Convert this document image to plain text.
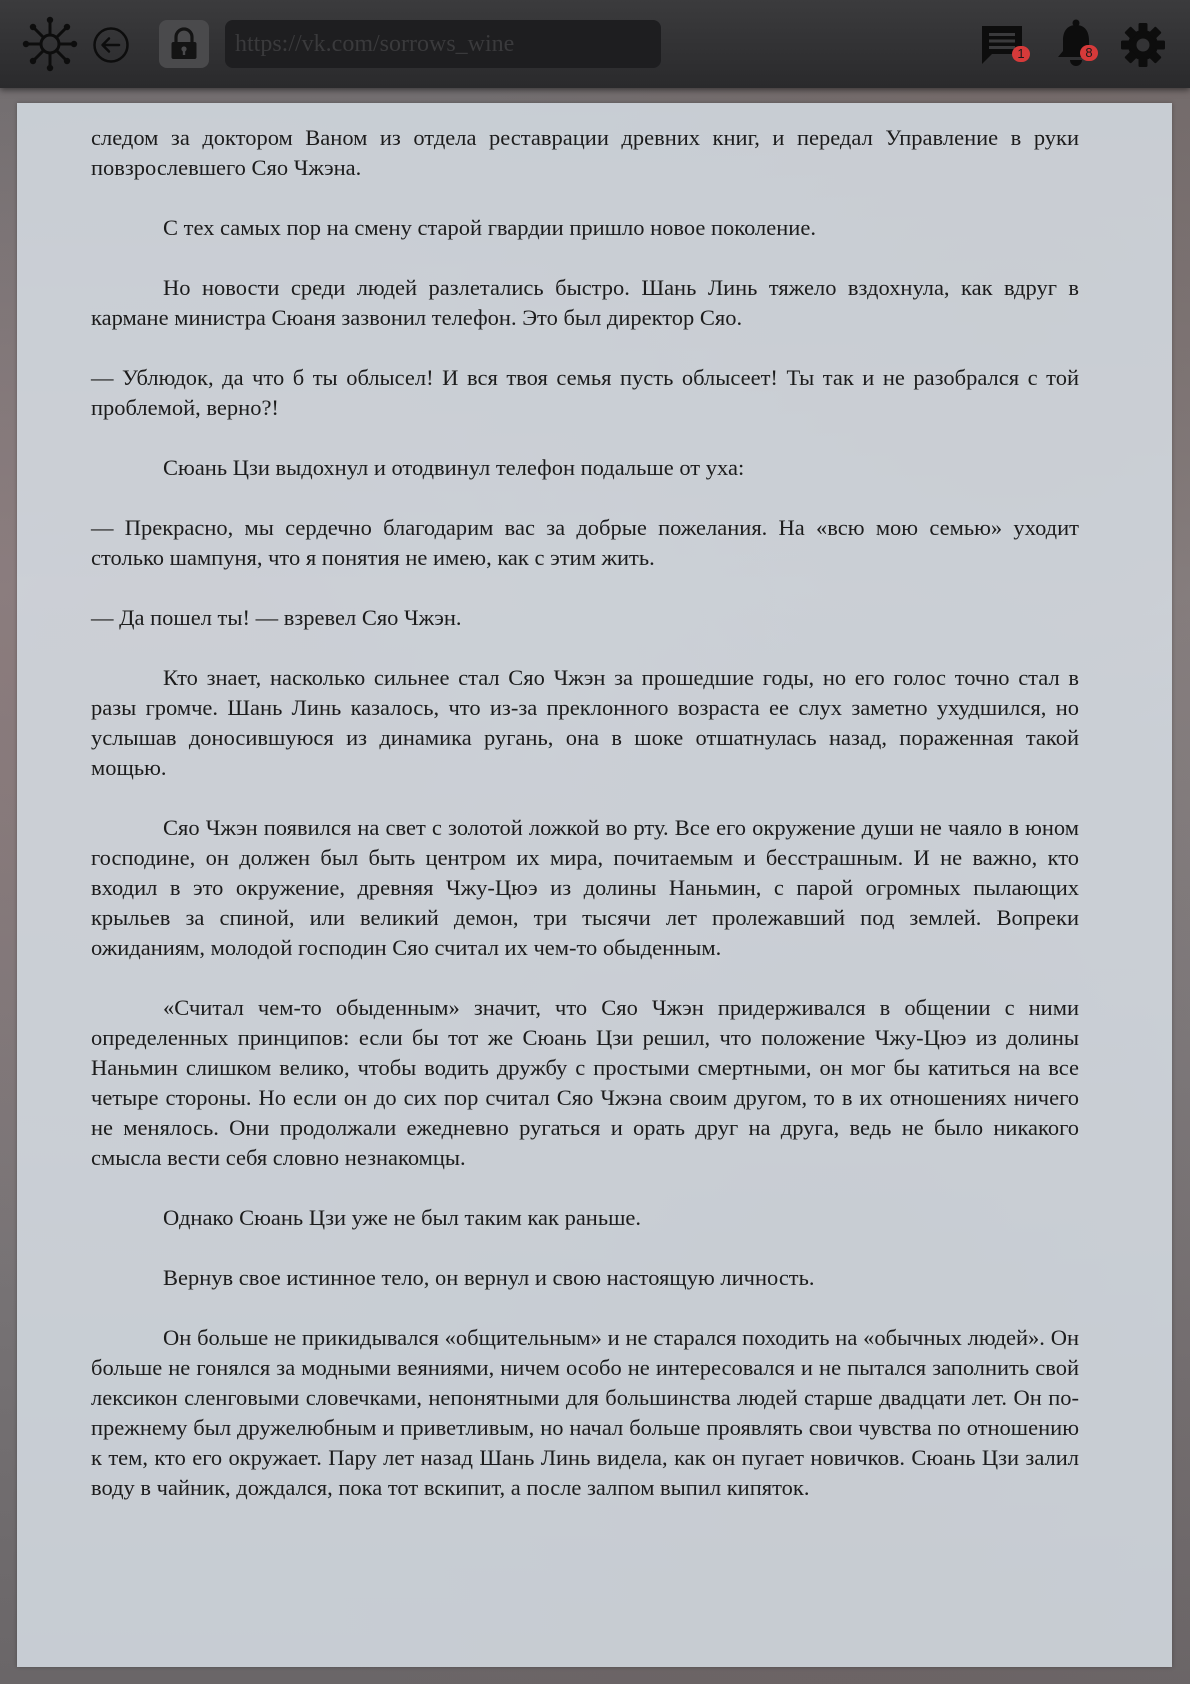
https://vk.com/sorrows_wine	1	8

следом за доктором Ваном из отдела реставрации древних книг, и передал Управление в руки повзрослевшего Сяо Чжэна.

С тех самых пор на смену старой гвардии пришло новое поколение.

Но новости среди людей разлетались быстро. Шань Линь тяжело вздохнула, как вдруг в кармане министра Сюаня зазвонил телефон. Это был директор Сяо.

— Ублюдок, да что б ты облысел! И вся твоя семья пусть облысеет! Ты так и не разобрался с той проблемой, верно?!

Сюань Цзи выдохнул и отодвинул телефон подальше от уха:

— Прекрасно, мы сердечно благодарим вас за добрые пожелания. На «всю мою семью» уходит столько шампуня, что я понятия не имею, как с этим жить.

— Да пошел ты! — взревел Сяо Чжэн.

Кто знает, насколько сильнее стал Сяо Чжэн за прошедшие годы, но его голос точно стал в разы громче. Шань Линь казалось, что из-за преклонного возраста ее слух заметно ухудшился, но услышав доносившуюся из динамика ругань, она в шоке отшатнулась назад, пораженная такой мощью.

Сяо Чжэн появился на свет с золотой ложкой во рту. Все его окружение души не чаяло в юном господине, он должен был быть центром их мира, почитаемым и бесстрашным. И не важно, кто входил в это окружение, древняя Чжу-Цюэ из долины Наньмин, с парой огромных пылающих крыльев за спиной, или великий демон, три тысячи лет пролежавший под землей. Вопреки ожиданиям, молодой господин Сяо считал их чем-то обыденным.

«Считал чем-то обыденным» значит, что Сяо Чжэн придерживался в общении с ними определенных принципов: если бы тот же Сюань Цзи решил, что положение Чжу-Цюэ из долины Наньмин слишком велико, чтобы водить дружбу с простыми смертными, он мог бы катиться на все четыре стороны. Но если он до сих пор считал Сяо Чжэна своим другом, то в их отношениях ничего не менялось. Они продолжали ежедневно ругаться и орать друг на друга, ведь не было никакого смысла вести себя словно незнакомцы.

Однако Сюань Цзи уже не был таким как раньше.

Вернув свое истинное тело, он вернул и свою настоящую личность.

Он больше не прикидывался «общительным» и не старался походить на «обычных людей». Он больше не гонялся за модными веяниями, ничем особо не интересовался и не пытался заполнить свой лексикон сленговыми словечками, непонятными для большинства людей старше двадцати лет. Он по-прежнему был дружелюбным и приветливым, но начал больше проявлять свои чувства по отношению к тем, кто его окружает. Пару лет назад Шань Линь видела, как он пугает новичков. Сюань Цзи залил воду в чайник, дождался, пока тот вскипит, а после залпом выпил кипяток.
